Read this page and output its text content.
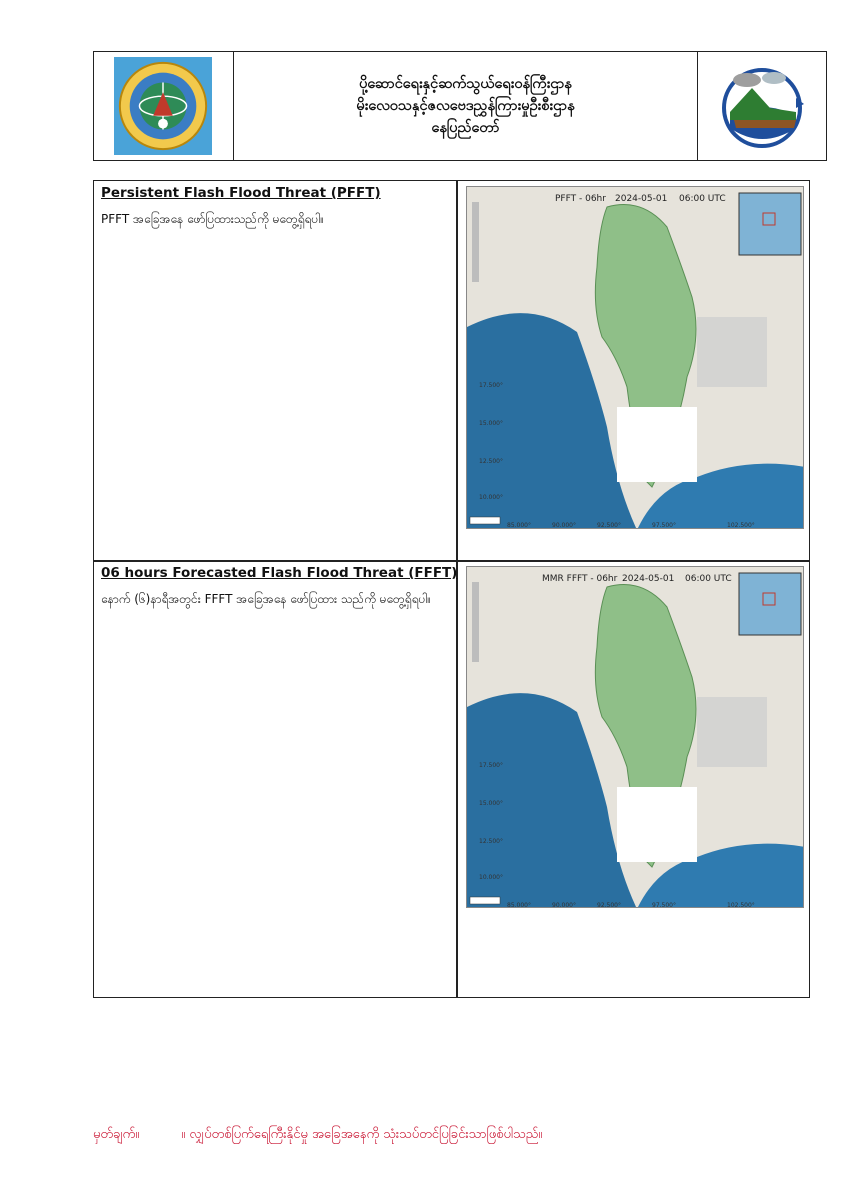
ပို့ဆောင်ရေးနှင့်ဆက်သွယ်ရေးဝန်ကြီးဌာန
မိုးလေဝသနှင့်ဇလဗေဒညွှန်ကြားမှုဦးစီးဌာန
နေပြည်တော်
Persistent Flash Flood Threat (PFFT)
PFFT အခြေအနေ ဖော်ပြထားသည်ကို မတွေ့ရှိရပါ။
PFFT - 06hr 2024-05-01 06:00 UTC
17.500°
15.000°
12.500°
10.000°
85.000°	90.000°	92.500°	97.500°	102.500°
06 hours Forecasted Flash Flood Threat (FFFT)
နောက် (၆)နာရီအတွင်း FFFT အခြေအနေ ဖော်ပြထား သည်ကို မတွေ့ရှိရပါ။
MMR FFFT - 06hr 2024-05-01 06:00 UTC
17.500°
15.000°
12.500°
10.000°
85.000°	90.000°	92.500°	97.500°	102.500°
မှတ်ချက်။	။ လျှပ်တစ်ပြက်ရေကြီးနိုင်မှု အခြေအနေကို သုံးသပ်တင်ပြခြင်းသာဖြစ်ပါသည်။
